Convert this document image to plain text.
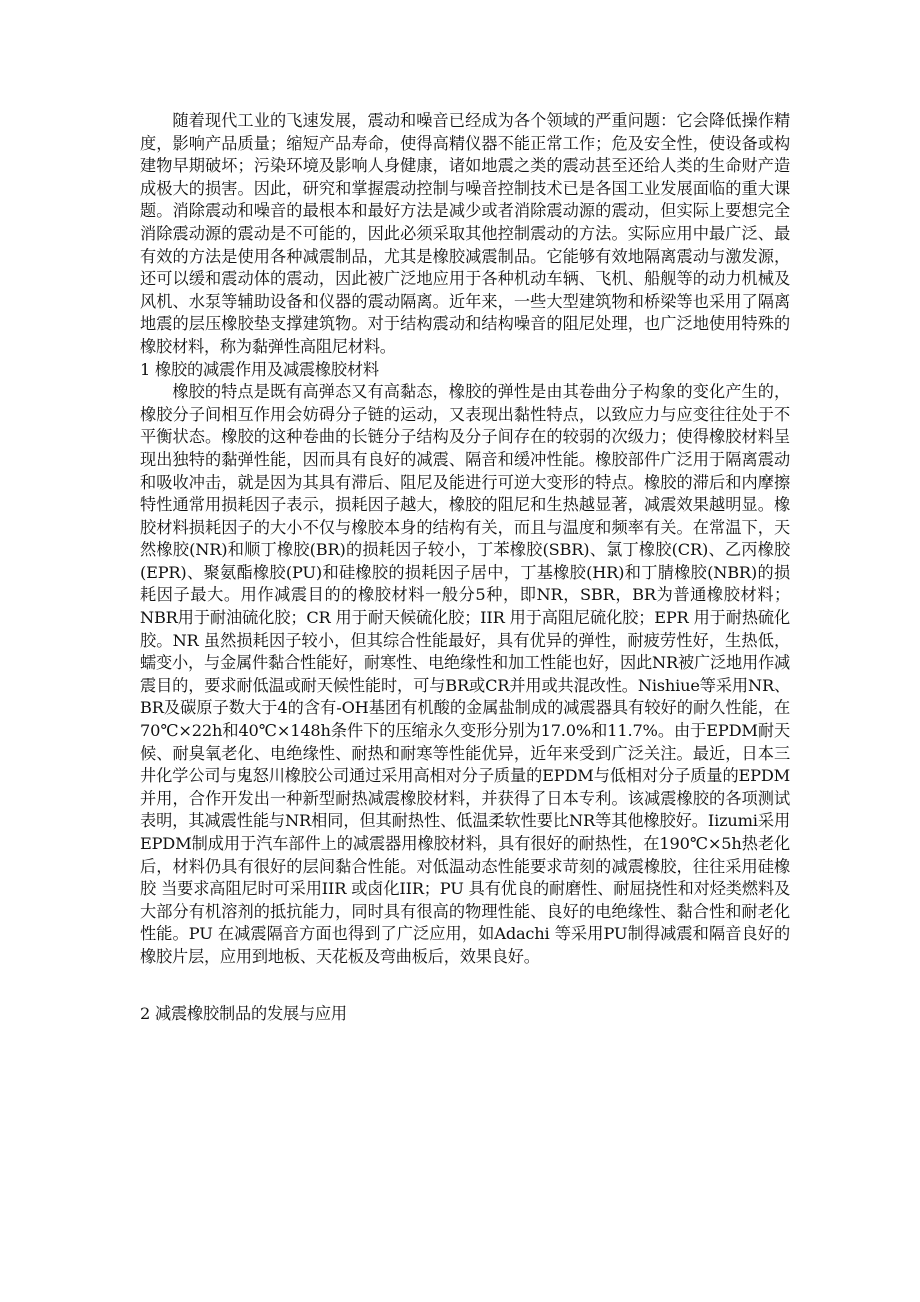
随着现代工业的飞速发展，震动和噪音已经成为各个领域的严重问题：它会降低操作精度，影响产品质量；缩短产品寿命，使得高精仪器不能正常工作；危及安全性，使设备或构建物早期破坏；污染环境及影响人身健康，诸如地震之类的震动甚至还给人类的生命财产造成极大的损害。因此，研究和掌握震动控制与噪音控制技术已是各国工业发展面临的重大课题。消除震动和噪音的最根本和最好方法是减少或者消除震动源的震动，但实际上要想完全消除震动源的震动是不可能的，因此必须采取其他控制震动的方法。实际应用中最广泛、最有效的方法是使用各种减震制品，尤其是橡胶减震制品。它能够有效地隔离震动与激发源，还可以缓和震动体的震动，因此被广泛地应用于各种机动车辆、飞机、船舰等的动力机械及风机、水泵等辅助设备和仪器的震动隔离。近年来，一些大型建筑物和桥梁等也采用了隔离地震的层压橡胶垫支撑建筑物。对于结构震动和结构噪音的阻尼处理，也广泛地使用特殊的橡胶材料，称为黏弹性高阻尼材料。

1 橡胶的减震作用及减震橡胶材料

橡胶的特点是既有高弹态又有高黏态，橡胶的弹性是由其卷曲分子构象的变化产生的，橡胶分子间相互作用会妨碍分子链的运动，又表现出黏性特点，以致应力与应变往往处于不平衡状态。橡胶的这种卷曲的长链分子结构及分子间存在的较弱的次级力；使得橡胶材料呈现出独特的黏弹性能，因而具有良好的减震、隔音和缓冲性能。橡胶部件广泛用于隔离震动和吸收冲击，就是因为其具有滞后、阻尼及能进行可逆大变形的特点。橡胶的滞后和内摩擦特性通常用损耗因子表示，损耗因子越大，橡胶的阻尼和生热越显著，减震效果越明显。橡胶材料损耗因子的大小不仅与橡胶本身的结构有关，而且与温度和频率有关。在常温下，天然橡胶(NR)和顺丁橡胶(BR)的损耗因子较小，丁苯橡胶(SBR)、氯丁橡胶(CR)、乙丙橡胶(EPR)、聚氨酯橡胶(PU)和硅橡胶的损耗因子居中，丁基橡胶(HR)和丁腈橡胶(NBR)的损耗因子最大。用作减震目的的橡胶材料一般分5种，即NR，SBR，BR为普通橡胶材料；NBR用于耐油硫化胶；CR 用于耐天候硫化胶；IIR 用于高阻尼硫化胶；EPR 用于耐热硫化胶。NR 虽然损耗因子较小，但其综合性能最好，具有优异的弹性，耐疲劳性好，生热低，蠕变小，与金属件黏合性能好，耐寒性、电绝缘性和加工性能也好，因此NR被广泛地用作减震目的，要求耐低温或耐天候性能时，可与BR或CR并用或共混改性。Nishiue等采用NR、BR及碳原子数大于4的含有-OH基团有机酸的金属盐制成的减震器具有较好的耐久性能，在70℃×22h和40℃×148h条件下的压缩永久变形分别为17.0%和11.7%。由于EPDM耐天候、耐臭氧老化、电绝缘性、耐热和耐寒等性能优异，近年来受到广泛关注。最近，日本三井化学公司与鬼怒川橡胶公司通过采用高相对分子质量的EPDM与低相对分子质量的EPDM并用，合作开发出一种新型耐热减震橡胶材料，并获得了日本专利。该减震橡胶的各项测试表明，其减震性能与NR相同，但其耐热性、低温柔软性要比NR等其他橡胶好。Iizumi采用EPDM制成用于汽车部件上的减震器用橡胶材料，具有很好的耐热性，在190℃×5h热老化后，材料仍具有很好的层间黏合性能。对低温动态性能要求苛刻的减震橡胶，往往采用硅橡胶 当要求高阻尼时可采用IIR 或卤化IIR；PU 具有优良的耐磨性、耐屈挠性和对烃类燃料及大部分有机溶剂的抵抗能力，同时具有很高的物理性能、良好的电绝缘性、黏合性和耐老化性能。PU 在减震隔音方面也得到了广泛应用，如Adachi 等采用PU制得减震和隔音良好的橡胶片层，应用到地板、天花板及弯曲板后，效果良好。

2 减震橡胶制品的发展与应用
